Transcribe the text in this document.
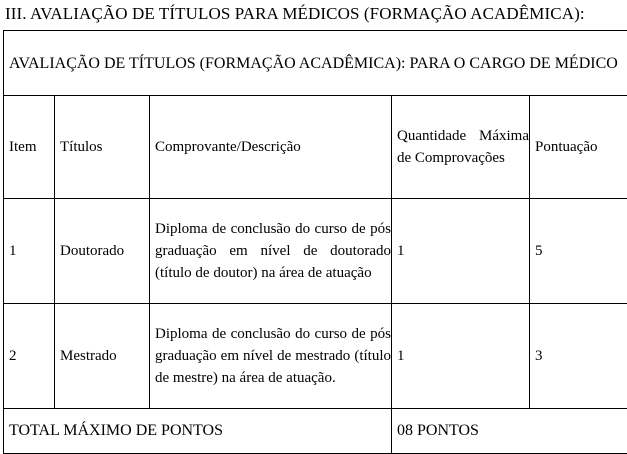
III. AVALIAÇÃO DE TÍTULOS PARA MÉDICOS (FORMAÇÃO ACADÊMICA):
AVALIAÇÃO DE TÍTULOS (FORMAÇÃO ACADÊMICA): PARA O CARGO DE MÉDICO				

Item	Títulos	Comprovante/Descrição	Quantidade Máxima de Comprovações	Pontuação
1	Doutorado	Diploma de conclusão do curso de pós graduação em nível de doutorado (título de doutor) na área de atuação	1	5
2	Mestrado	Diploma de conclusão do curso de pós graduação em nível de mestrado (título de mestre) na área de atuação.	1	3
TOTAL MÁXIMO DE PONTOS			08 PONTOS	
